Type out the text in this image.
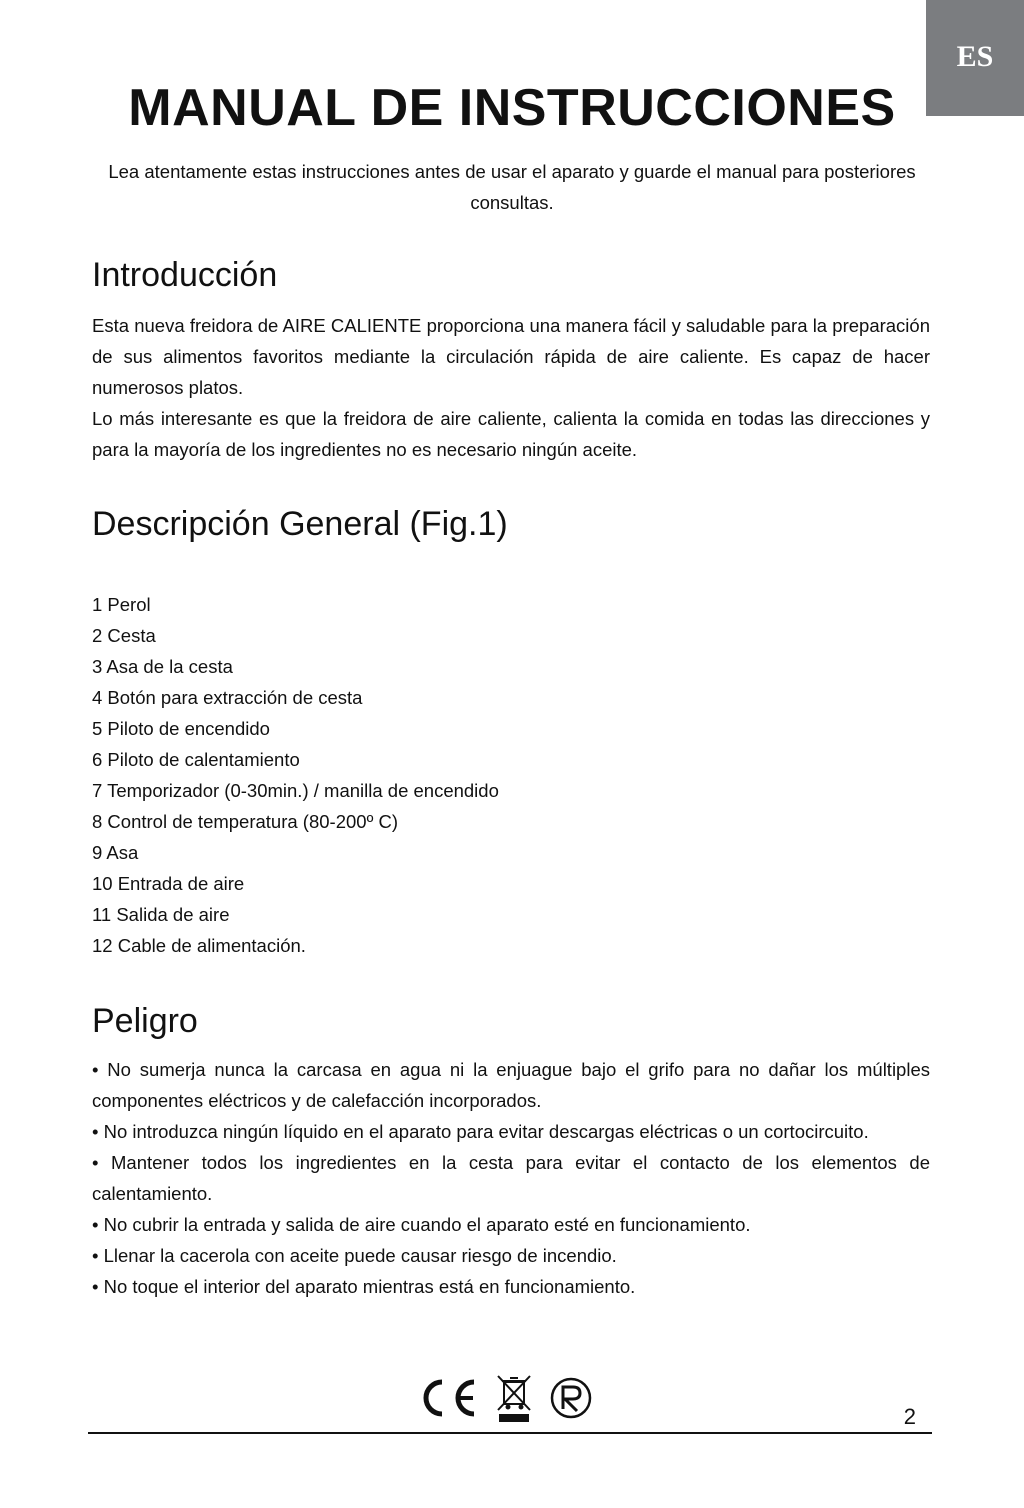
ES
MANUAL DE INSTRUCCIONES

Lea atentamente estas instrucciones antes de usar el aparato y guarde el manual para posteriores consultas.

Introducción

Esta nueva freidora de AIRE CALIENTE proporciona una manera fácil y saludable para la preparación de sus alimentos favoritos mediante la circulación rápida de aire caliente. Es capaz de hacer numerosos platos.

Lo más interesante es que la freidora de aire caliente, calienta la comida en todas las direcciones y para la mayoría de los ingredientes no es necesario ningún aceite.

Descripción General (Fig.1)
1 Perol
2 Cesta
3 Asa de la cesta
4 Botón para extracción de cesta
5 Piloto de encendido
6 Piloto de calentamiento
7 Temporizador (0-30min.) / manilla de encendido
8 Control de temperatura (80-200º C)
9 Asa
10 Entrada de aire
11 Salida de aire
12 Cable de alimentación.
Peligro
• No sumerja nunca la carcasa en agua ni la enjuague bajo el grifo para no dañar los múltiples componentes eléctricos y de calefacción incorporados.
• No introduzca ningún líquido en el aparato para evitar descargas eléctricas o un cortocircuito.
• Mantener todos los ingredientes en la cesta para evitar el contacto de los elementos de calentamiento.
• No cubrir la entrada y salida de aire cuando el aparato esté en funcionamiento.
• Llenar la cacerola con aceite puede causar riesgo de incendio.
• No toque el interior del aparato mientras está en funcionamiento.
2
